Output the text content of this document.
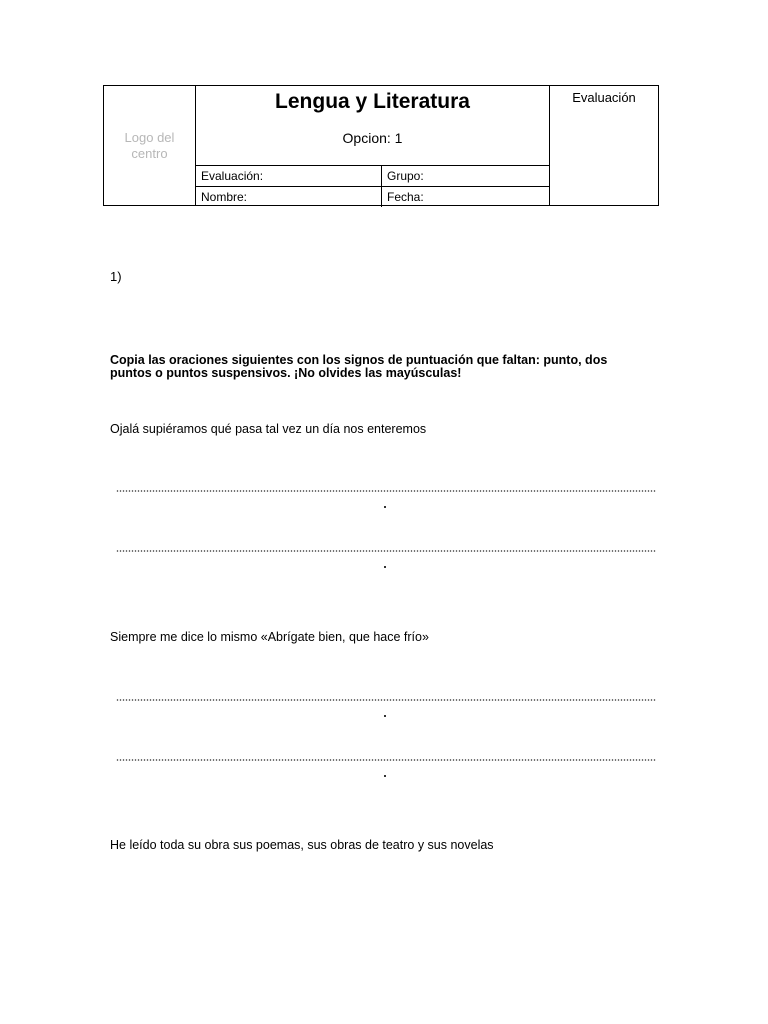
Logo del centro
Lengua y Literatura
Opcion: 1
Evaluación
Evaluación:	Grupo:
Nombre:	Fecha:
1)
Copia las oraciones siguientes con los signos de puntuación que faltan: punto, dos puntos o puntos suspensivos. ¡No olvides las mayúsculas!
Ojalá supiéramos qué pasa tal vez un día nos enteremos
Siempre me dice lo mismo «Abrígate bien, que hace frío»
He leído toda su obra sus poemas, sus obras de teatro y sus novelas
